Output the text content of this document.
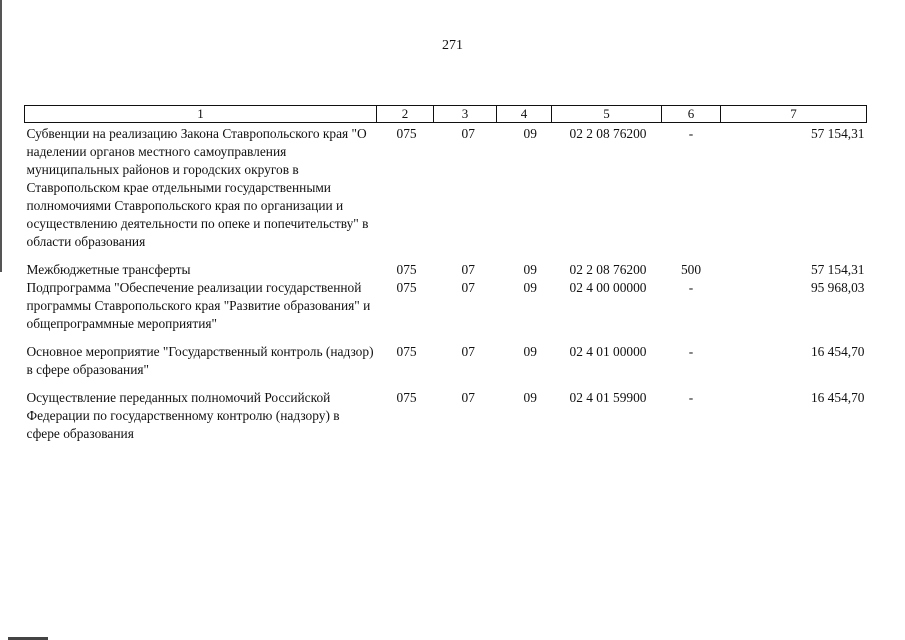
271
1	2	3	4	5	6	7
Субвенции на реализацию Закона Ставропольского края "О наделении органов местного самоуправления муниципальных районов и городских округов в Ставропольском крае отдельными государственными полномочиями Ставропольского края по организации и осуществлению деятельности по опеке и попечительству" в области образования	075	07	09	02 2 08 76200	-	57 154,31
Межбюджетные трансферты	075	07	09	02 2 08 76200	500	57 154,31
Подпрограмма "Обеспечение реализации государственной программы Ставропольского края "Развитие образования" и общепрограммные мероприятия"	075	07	09	02 4 00 00000	-	95 968,03
Основное мероприятие "Государственный контроль (надзор) в сфере образования"	075	07	09	02 4 01 00000	-	16 454,70
Осуществление переданных полномочий Российской Федерации по государственному контролю (надзору) в сфере образования	075	07	09	02 4 01 59900	-	16 454,70
